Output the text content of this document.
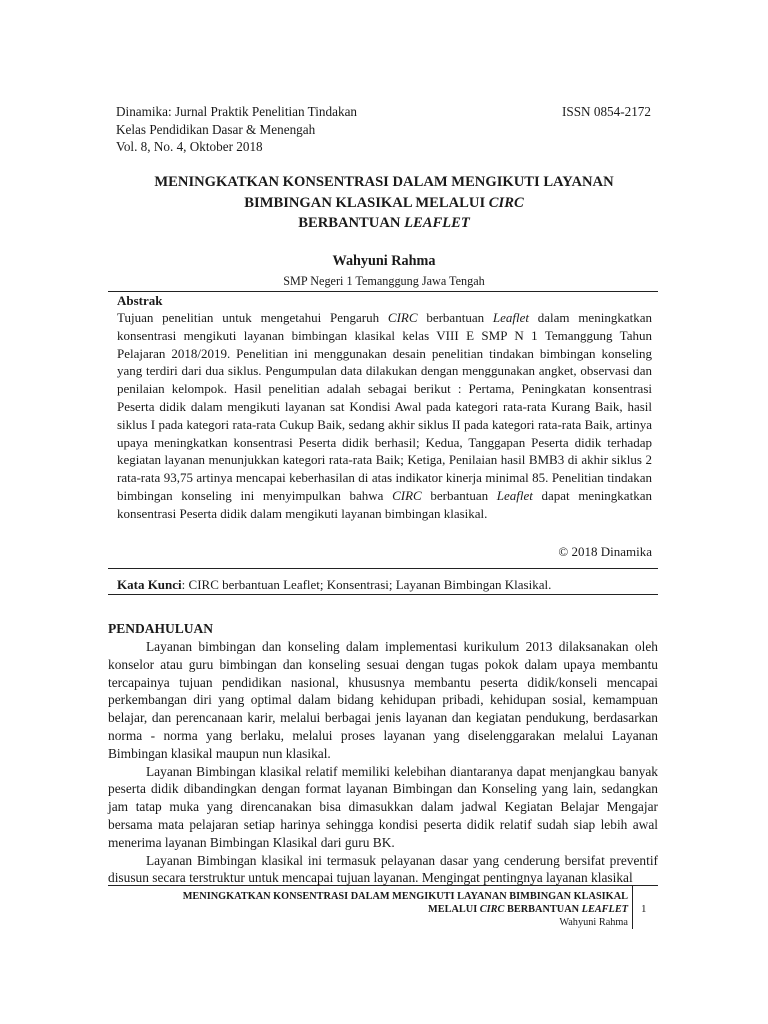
Dinamika: Jurnal Praktik Penelitian Tindakan
Kelas Pendidikan Dasar & Menengah
Vol. 8, No. 4, Oktober 2018
ISSN 0854-2172
MENINGKATKAN KONSENTRASI DALAM MENGIKUTI LAYANAN
BIMBINGAN KLASIKAL MELALUI CIRC
BERBANTUAN LEAFLET
Wahyuni Rahma
SMP Negeri 1 Temanggung Jawa Tengah
Abstrak

Tujuan penelitian untuk mengetahui Pengaruh CIRC berbantuan Leaflet dalam meningkatkan konsentrasi mengikuti layanan bimbingan klasikal kelas VIII E SMP N 1 Temanggung Tahun Pelajaran 2018/2019. Penelitian ini menggunakan desain penelitian tindakan bimbingan konseling yang terdiri dari dua siklus. Pengumpulan data dilakukan dengan menggunakan angket, observasi dan penilaian kelompok. Hasil penelitian adalah sebagai berikut : Pertama, Peningkatan konsentrasi Peserta didik dalam mengikuti layanan sat Kondisi Awal pada kategori rata-rata Kurang Baik, hasil siklus I pada kategori rata-rata Cukup Baik, sedang akhir siklus II pada kategori rata-rata Baik, artinya upaya meningkatkan konsentrasi Peserta didik berhasil; Kedua, Tanggapan Peserta didik terhadap kegiatan layanan menunjukkan kategori rata-rata Baik; Ketiga, Penilaian hasil BMB3 di akhir siklus 2 rata-rata 93,75 artinya mencapai keberhasilan di atas indikator kinerja minimal 85. Penelitian tindakan bimbingan konseling ini menyimpulkan bahwa CIRC berbantuan Leaflet dapat meningkatkan konsentrasi Peserta didik dalam mengikuti layanan bimbingan klasikal.

© 2018 Dinamika
Kata Kunci: CIRC berbantuan Leaflet; Konsentrasi; Layanan Bimbingan Klasikal.
PENDAHULUAN

Layanan bimbingan dan konseling dalam implementasi kurikulum 2013 dilaksanakan oleh konselor atau guru bimbingan dan konseling sesuai dengan tugas pokok dalam upaya membantu tercapainya tujuan pendidikan nasional, khususnya membantu peserta didik/konseli mencapai perkembangan diri yang optimal dalam bidang kehidupan pribadi, kehidupan sosial, kemampuan belajar, dan perencanaan karir, melalui berbagai jenis layanan dan kegiatan pendukung, berdasarkan norma - norma yang berlaku, melalui proses layanan yang diselenggarakan melalui Layanan Bimbingan klasikal maupun nun klasikal.

Layanan Bimbingan klasikal relatif memiliki kelebihan diantaranya dapat menjangkau banyak peserta didik dibandingkan dengan format layanan Bimbingan dan Konseling yang lain, sedangkan jam tatap muka yang direncanakan bisa dimasukkan dalam jadwal Kegiatan Belajar Mengajar bersama mata pelajaran setiap harinya sehingga kondisi peserta didik relatif sudah siap lebih awal menerima layanan Bimbingan Klasikal dari guru BK.

Layanan Bimbingan klasikal ini termasuk pelayanan dasar yang cenderung bersifat preventif disusun secara terstruktur untuk mencapai tujuan layanan. Mengingat pentingnya layanan klasikal

MENINGKATKAN KONSENTRASI DALAM MENGIKUTI LAYANAN BIMBINGAN KLASIKAL
MELALUI CIRC BERBANTUAN LEAFLET
Wahyuni Rahma
1
